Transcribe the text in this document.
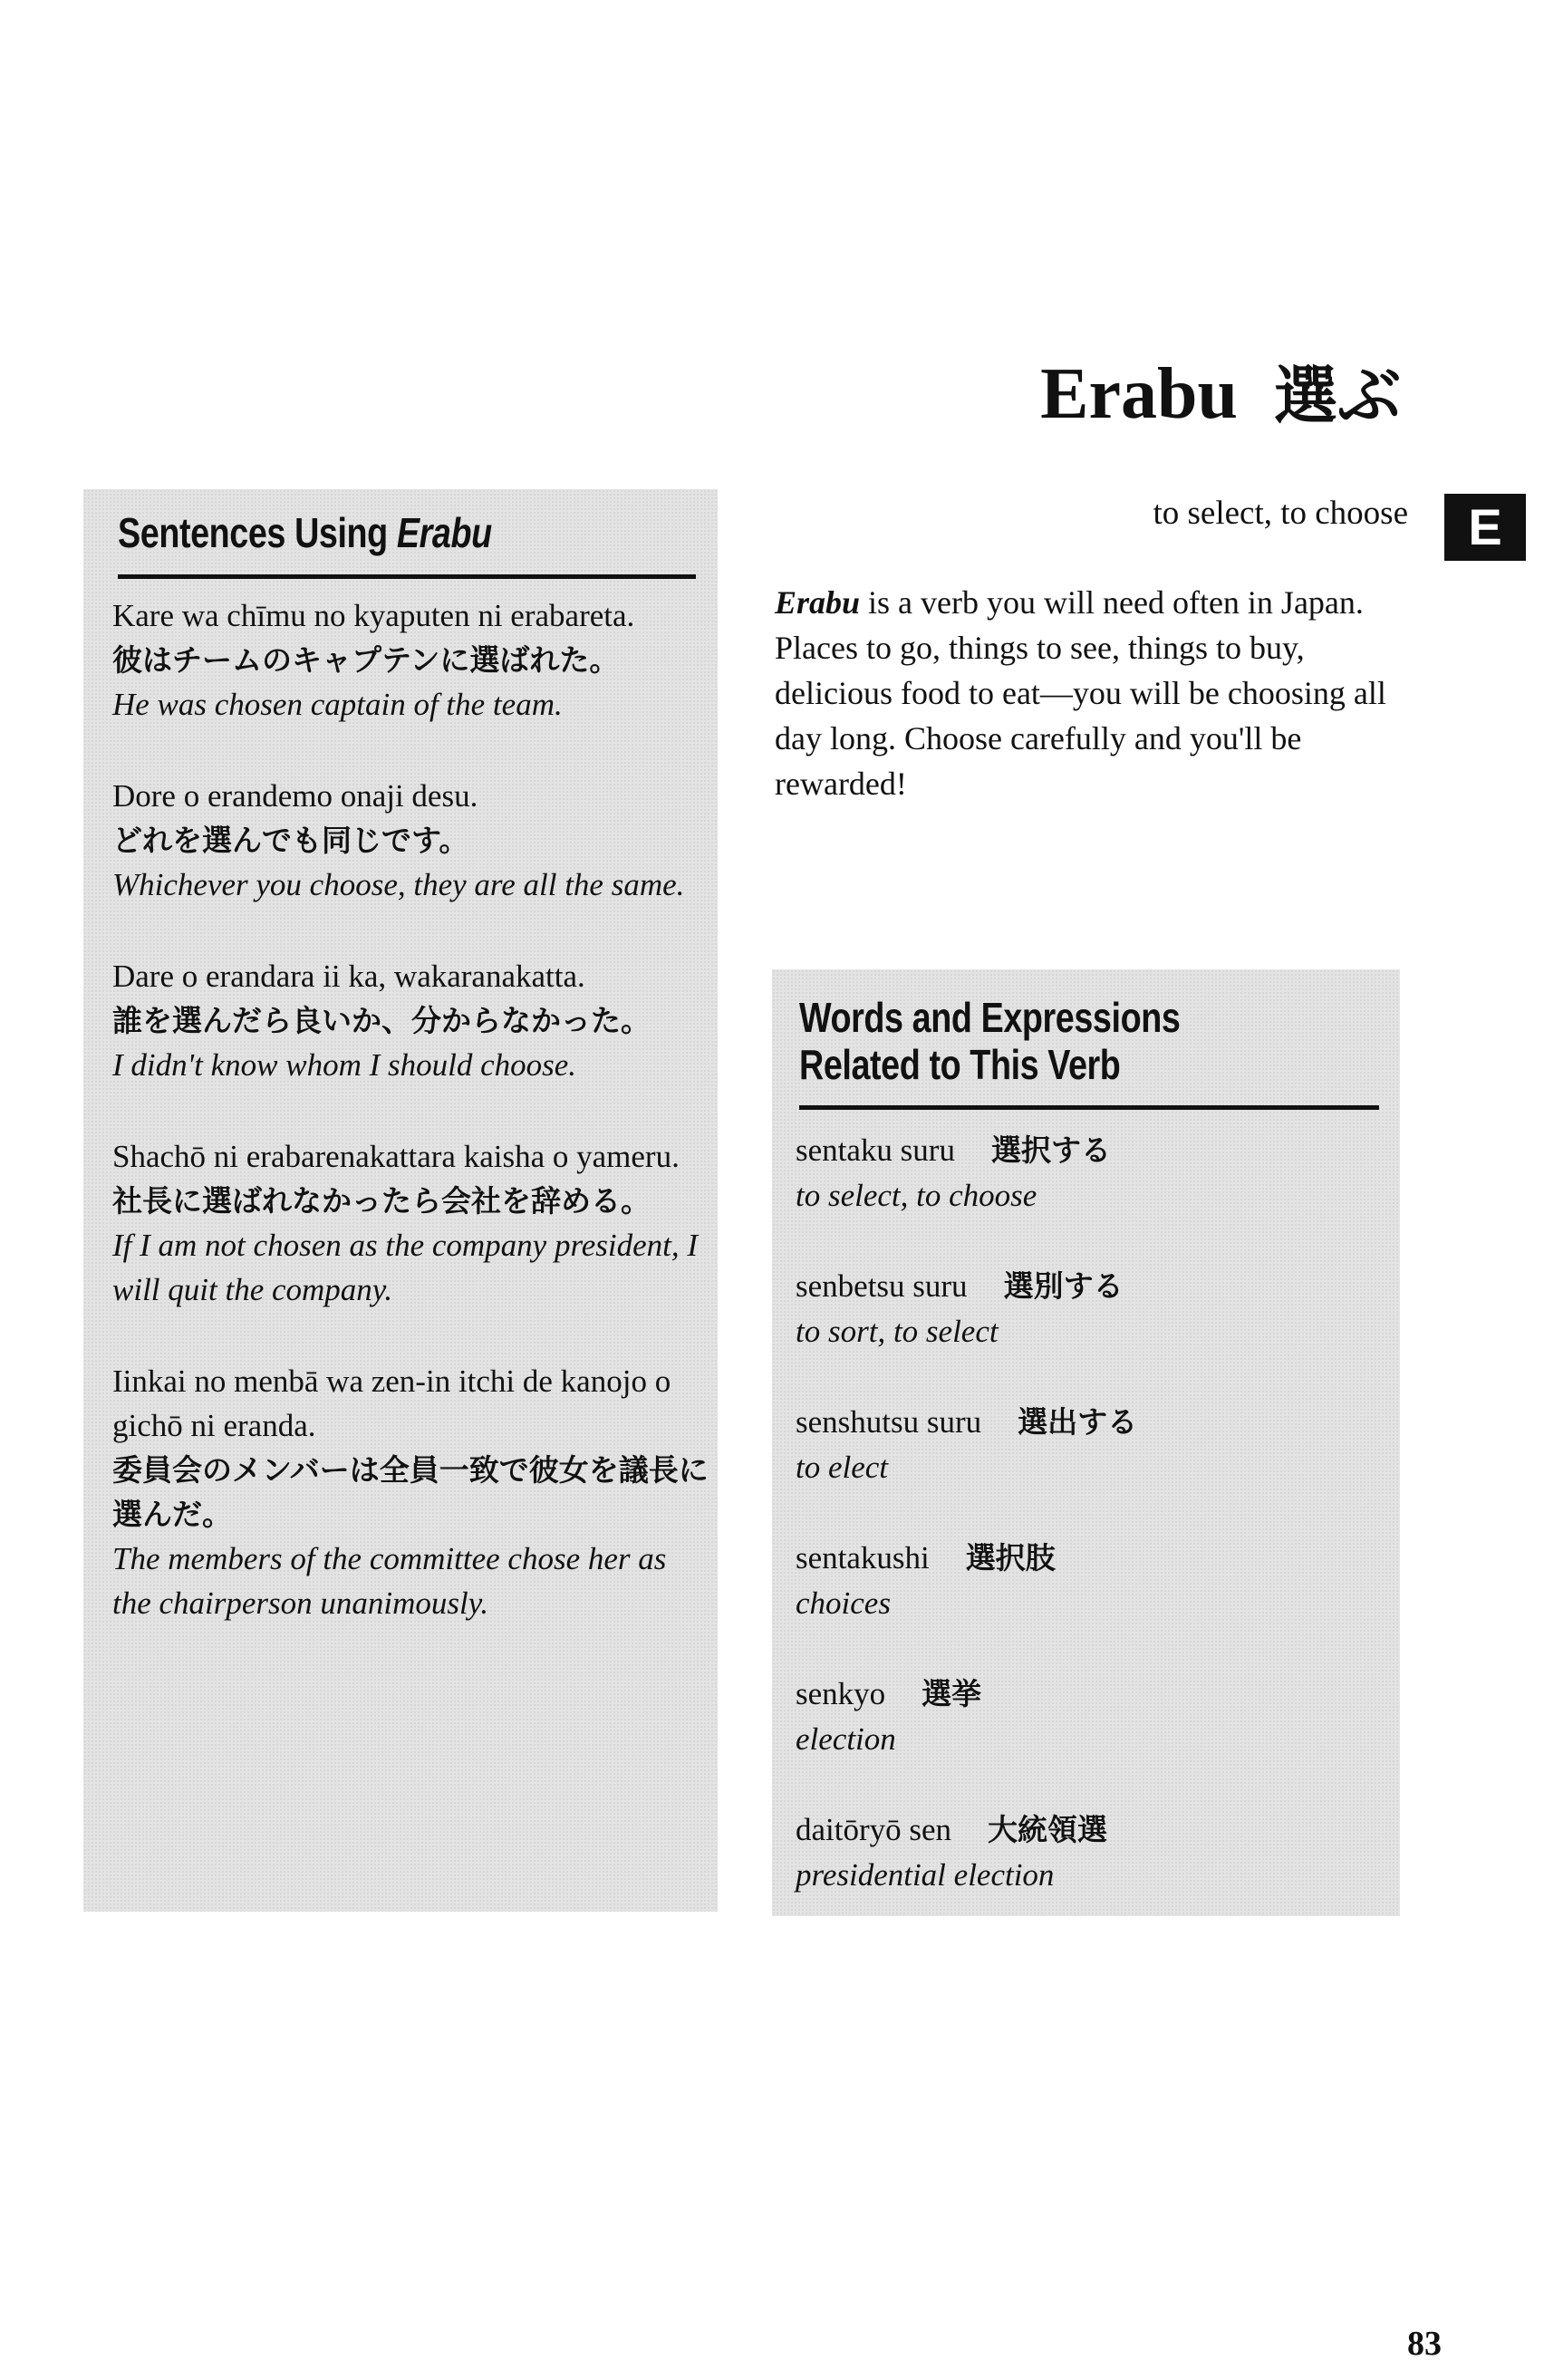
Erabu 選ぶ
to select, to choose	E
Sentences Using Erabu
Kare wa chīmu no kyaputen ni erabareta.
彼はチームのキャプテンに選ばれた。
He was chosen captain of the team.
Dore o erandemo onaji desu.
どれを選んでも同じです。
Whichever you choose, they are all the same.
Dare o erandara ii ka, wakaranakatta.
誰を選んだら良いか、分からなかった。
I didn't know whom I should choose.
Shachō ni erabarenakattara kaisha o yameru.
社長に選ばれなかったら会社を辞める。
If I am not chosen as the company president, I will quit the company.
Iinkai no menbā wa zen-in itchi de kanojo o gichō ni eranda.
委員会のメンバーは全員一致で彼女を議長に選んだ。
The members of the committee chose her as the chairperson unanimously.
Erabu is a verb you will need often in Japan. Places to go, things to see, things to buy, delicious food to eat—you will be choosing all day long. Choose carefully and you'll be rewarded!
Words and Expressions
Related to This Verb
sentaku suru 選択する
to select, to choose
senbetsu suru 選別する
to sort, to select
senshutsu suru 選出する
to elect
sentakushi 選択肢
choices
senkyo 選挙
election
daitōryō sen 大統領選
presidential election
83
